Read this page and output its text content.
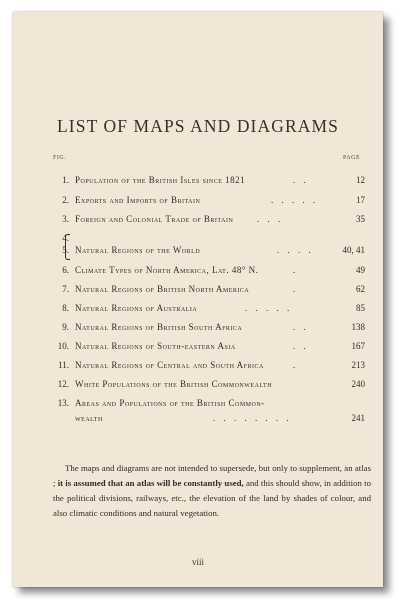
LIST OF MAPS AND DIAGRAMS
FIG.	PAGE
1. Population of the British Isles since 1821	. .	12
2. Exports and Imports of Britain	. . . . .	17
3. Foreign and Colonial Trade of Britain	. . .	35
4.
5. Natural Regions of the World	. . . .	40, 41
6. Climate Types of North America, Lat. 48° N.	.	49
7. Natural Regions of British North America	.	62
8. Natural Regions of Australia	. . . . .	85
9. Natural Regions of British South Africa	. .	138
10. Natural Regions of South-eastern Asia	. .	167
11. Natural Regions of Central and South Africa	.	213
12. White Populations of the British Commonwealth	240
13. Areas and Populations of the British Common-
wealth	. . . . . . . .	241

The maps and diagrams are not intended to supersede, but only to supplement, an atlas ; it is assumed that an atlas will be constantly used, and this should show, in addition to the political divisions, railways, etc., the elevation of the land by shades of colour, and also climatic conditions and natural vegetation.

viii
